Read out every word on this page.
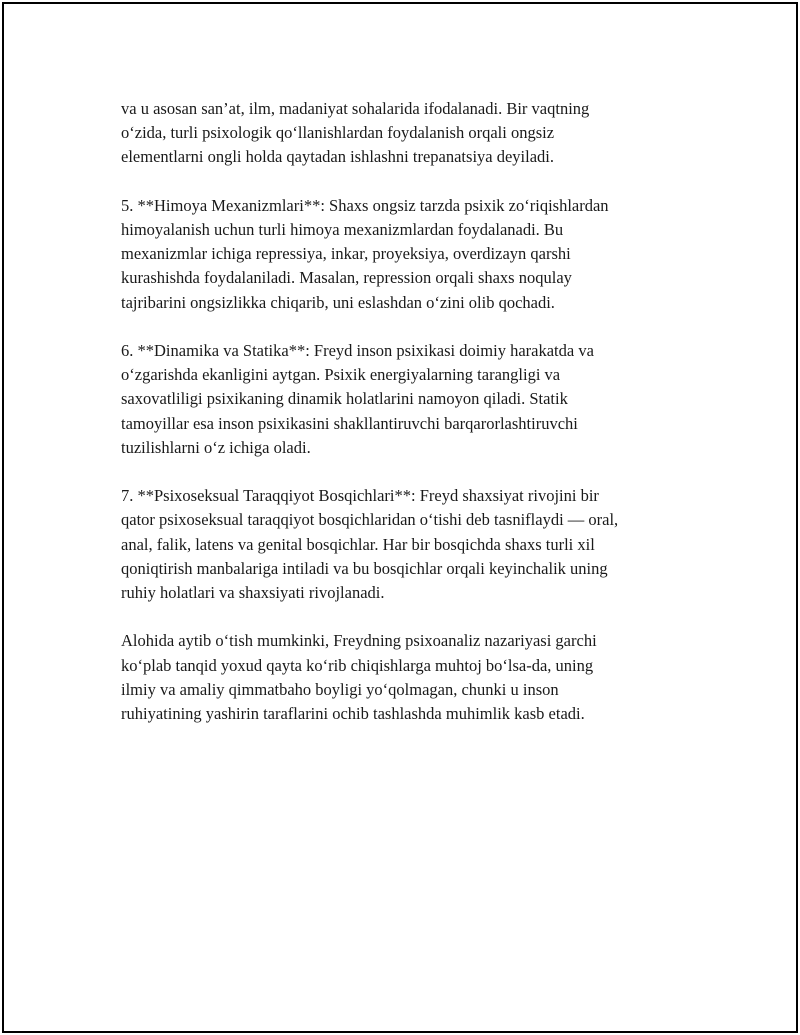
va u asosan san’at, ilm, madaniyat sohalarida ifodalanadi. Bir vaqtning
o‘zida, turli psixologik qo‘llanishlardan foydalanish orqali ongsiz
elementlarni ongli holda qaytadan ishlashni trepanatsiya deyiladi.

5. **Himoya Mexanizmlari**: Shaxs ongsiz tarzda psixik zo‘riqishlardan
himoyalanish uchun turli himoya mexanizmlardan foydalanadi. Bu
mexanizmlar ichiga repressiya, inkar, proyeksiya, overdizayn qarshi
kurashishda foydalaniladi. Masalan, repression orqali shaxs noqulay
tajribarini ongsizlikka chiqarib, uni eslashdan o‘zini olib qochadi.

6. **Dinamika va Statika**: Freyd inson psixikasi doimiy harakatda va
o‘zgarishda ekanligini aytgan. Psixik energiyalarning tarangligi va
saxovatliligi psixikaning dinamik holatlarini namoyon qiladi. Statik
tamoyillar esa inson psixikasini shakllantiruvchi barqarorlashtiruvchi
tuzilishlarni o‘z ichiga oladi.

7. **Psixoseksual Taraqqiyot Bosqichlari**: Freyd shaxsiyat rivojini bir
qator psixoseksual taraqqiyot bosqichlaridan o‘tishi deb tasniflaydi — oral,
anal, falik, latens va genital bosqichlar. Har bir bosqichda shaxs turli xil
qoniqtirish manbalariga intiladi va bu bosqichlar orqali keyinchalik uning
ruhiy holatlari va shaxsiyati rivojlanadi.

Alohida aytib o‘tish mumkinki, Freydning psixoanaliz nazariyasi garchi
ko‘plab tanqid yoxud qayta ko‘rib chiqishlarga muhtoj bo‘lsa-da, uning
ilmiy va amaliy qimmatbaho boyligi yo‘qolmagan, chunki u inson
ruhiyatining yashirin taraflarini ochib tashlashda muhimlik kasb etadi.
